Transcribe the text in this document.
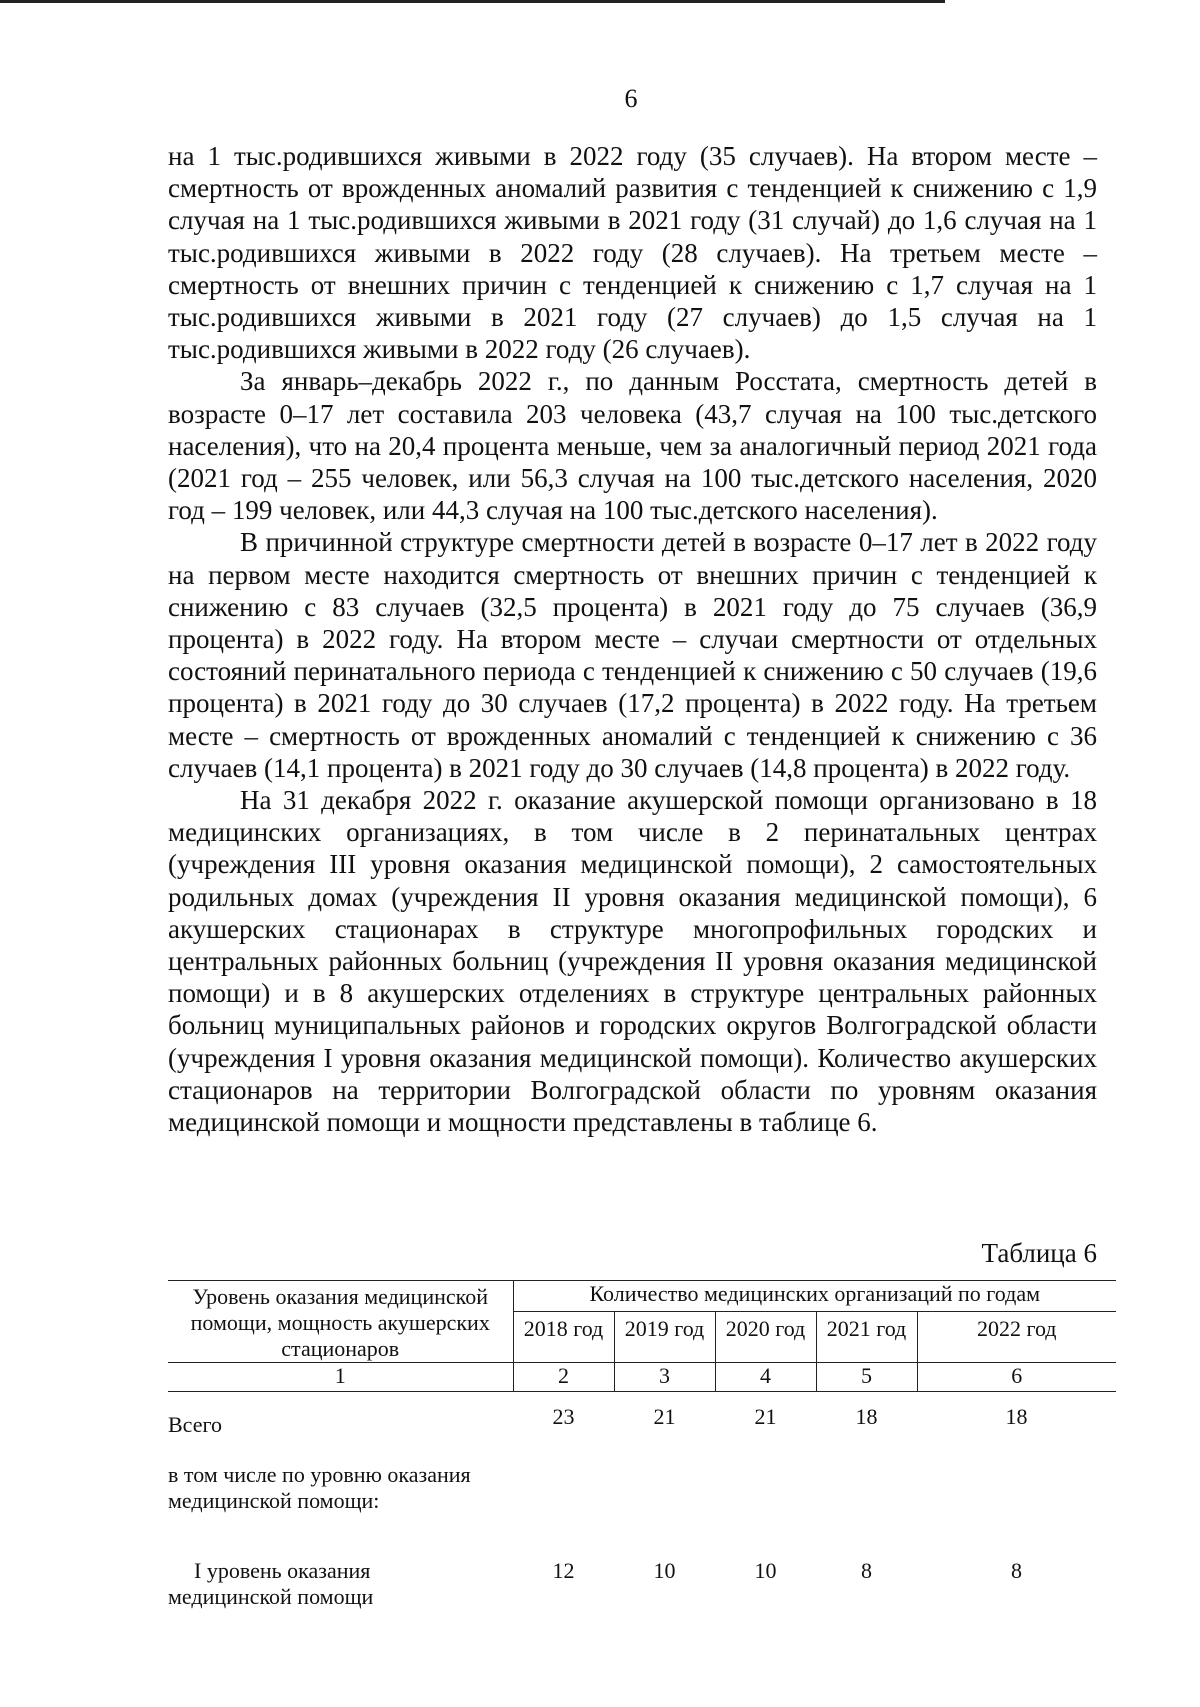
6

на 1 тыс.родившихся живыми в 2022 году (35 случаев). На втором месте – смертность от врожденных аномалий развития с тенденцией к снижению с 1,9 случая на 1 тыс.родившихся живыми в 2021 году (31 случай) до 1,6 случая на 1 тыс.родившихся живыми в 2022 году (28 случаев). На третьем месте – смертность от внешних причин с тенденцией к снижению с 1,7 случая на 1 тыс.родившихся живыми в 2021 году (27 случаев) до 1,5 случая на 1 тыс.родившихся живыми в 2022 году (26 случаев).

За январь–декабрь 2022 г., по данным Росстата, смертность детей в возрасте 0–17 лет составила 203 человека (43,7 случая на 100 тыс.детского населения), что на 20,4 процента меньше, чем за аналогичный период 2021 года (2021 год – 255 человек, или 56,3 случая на 100 тыс.детского населения, 2020 год – 199 человек, или 44,3 случая на 100 тыс.детского населения).

В причинной структуре смертности детей в возрасте 0–17 лет в 2022 году на первом месте находится смертность от внешних причин с тенденцией к снижению с 83 случаев (32,5 процента) в 2021 году до 75 случаев (36,9 процента) в 2022 году. На втором месте – случаи смертности от отдельных состояний перинатального периода с тенденцией к снижению с 50 случаев (19,6 процента) в 2021 году до 30 случаев (17,2 процента) в 2022 году. На третьем месте – смертность от врожденных аномалий с тенденцией к снижению с 36 случаев (14,1 процента) в 2021 году до 30 случаев (14,8 процента) в 2022 году.

На 31 декабря 2022 г. оказание акушерской помощи организовано в 18 медицинских организациях, в том числе в 2 перинатальных центрах (учреждения III уровня оказания медицинской помощи), 2 самостоятельных родильных домах (учреждения II уровня оказания медицинской помощи), 6 акушерских стационарах в структуре многопрофильных городских и центральных районных больниц (учреждения II уровня оказания медицинской помощи) и в 8 акушерских отделениях в структуре центральных районных больниц муниципальных районов и городских округов Волгоградской области (учреждения I уровня оказания медицинской помощи). Количество акушерских стационаров на территории Волгоградской области по уровням оказания медицинской помощи и мощности представлены в таблице 6.

Таблица 6
Уровень оказания медицинской помощи, мощность акушерских стационаров	Количество медицинских организаций по годам				
	2018 год	2019 год	2020 год	2021 год	2022 год
1	2	3	4	5	6
Всего	23	21	21	18	18
в том числе по уровню оказания медицинской помощи:					
I уровень оказания медицинской помощи	12	10	10	8	8
